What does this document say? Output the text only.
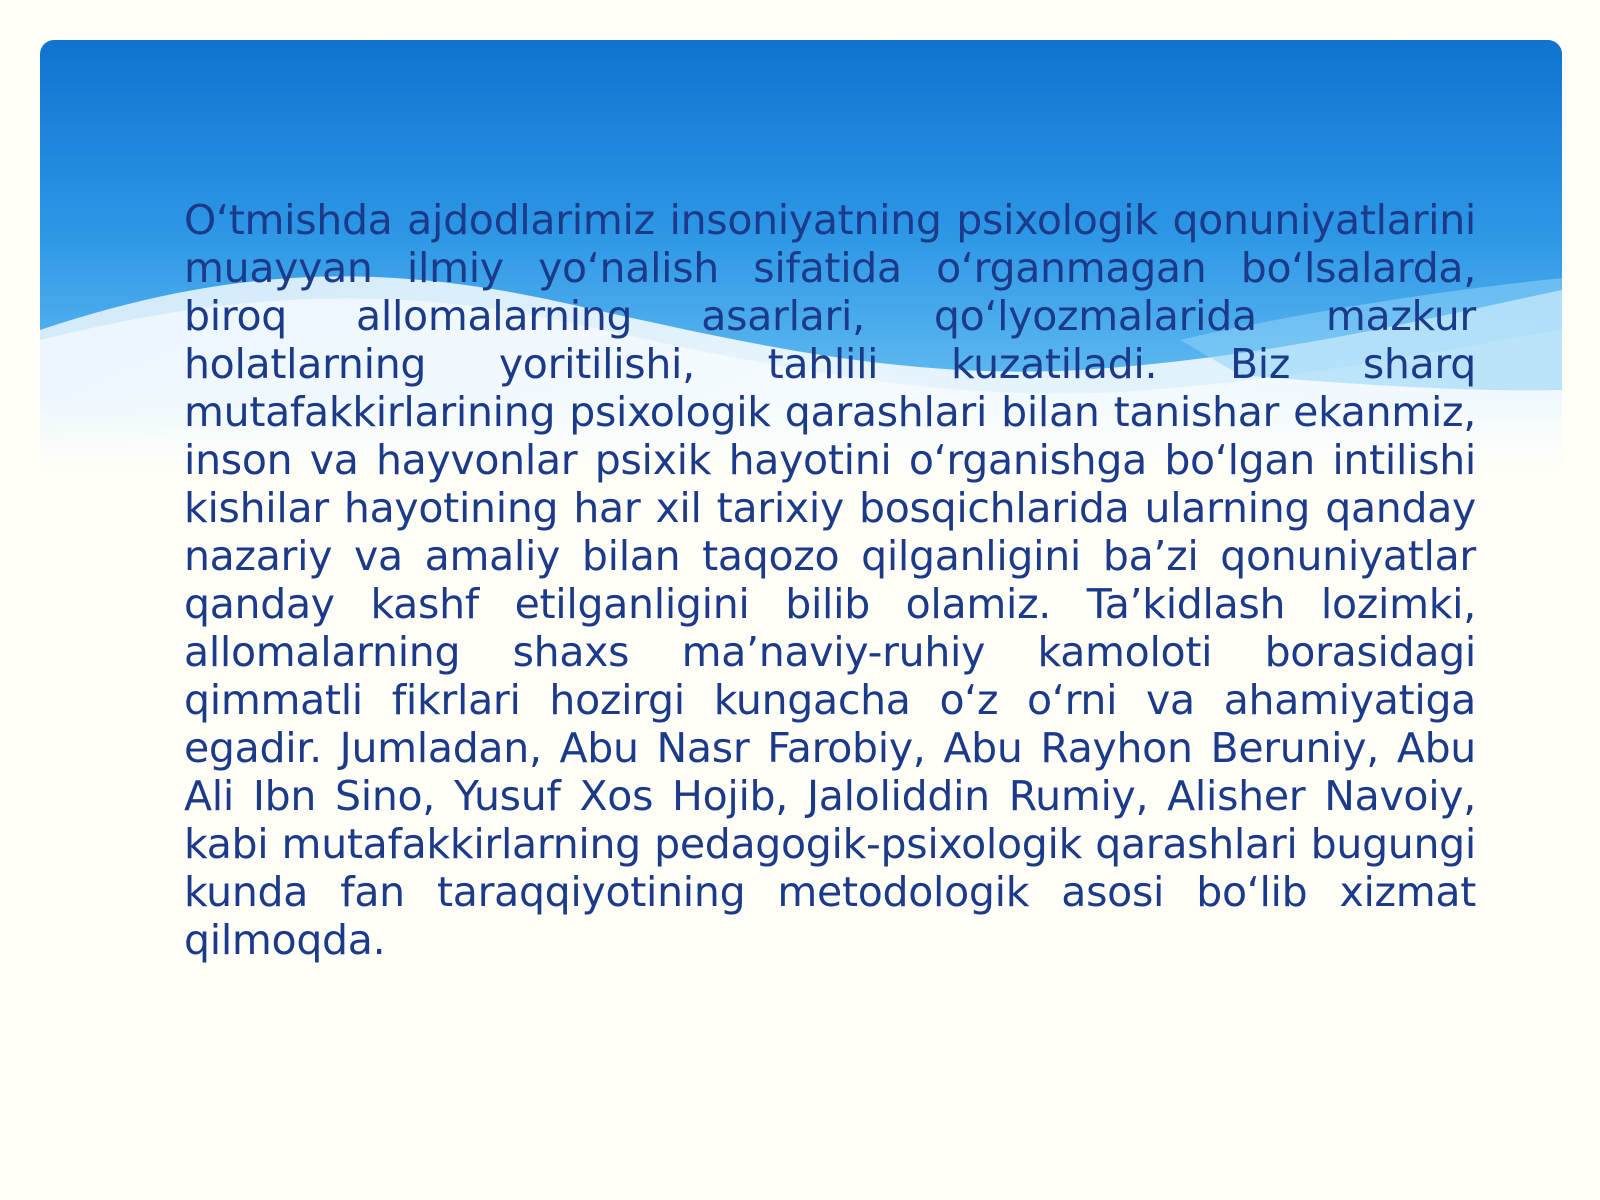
O‘tmishda ajdodlarimiz insoniyatning psixologik qonuniyatlarini muayyan ilmiy yo‘nalish sifatida o‘rganmagan bo‘lsalarda, biroq allomalarning asarlari, qo‘lyozmalarida mazkur holatlarning yoritilishi, tahlili kuzatiladi. Biz sharq mutafakkirlarining psixologik qarashlari bilan tanishar ekanmiz, inson va hayvonlar psixik hayotini o‘rganishga bo‘lgan intilishi kishilar hayotining har xil tarixiy bosqichlarida ularning qanday nazariy va amaliy bilan taqozo qilganligini ba’zi qonuniyatlar qanday kashf etilganligini bilib olamiz. Ta’kidlash lozimki, allomalarning shaxs ma’naviy-ruhiy kamoloti borasidagi qimmatli fikrlari hozirgi kungacha o‘z o‘rni va ahamiyatiga egadir. Jumladan, Abu Nasr Farobiy, Abu Rayhon Beruniy, Abu Ali Ibn Sino, Yusuf Xos Hojib, Jaloliddin Rumiy, Alisher Navoiy, kabi mutafakkirlarning pedagogik-psixologik qarashlari bugungi kunda fan taraqqiyotining metodologik asosi bo‘lib xizmat qilmoqda.
